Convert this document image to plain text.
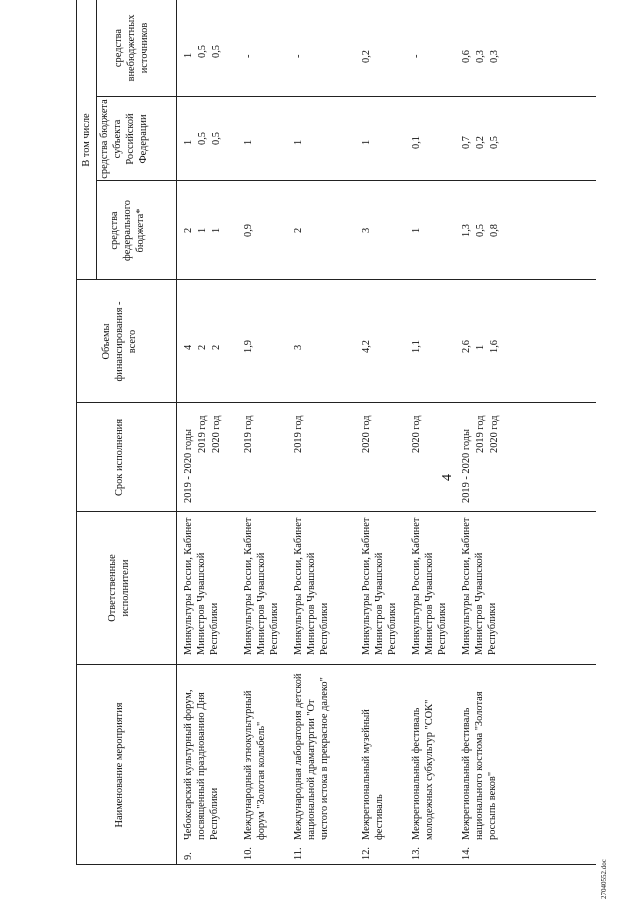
4
27040552.doc
Наименование мероприятия
Ответственные исполнители
Срок исполнения
Объемы финансирования - всего
В том числе
средства федерального бюджета*
средства бюджета субъекта Российской Федерации
средства внебюджетных источников
9.
Чебоксарский культурный форум, посвященный празднованию Дня Республики
Минкультуры России, Кабинет Министров Чувашской Республики
2019 - 2020 годы 2019 год 2020 год
4 2 2
2 1 1
1 0,5 0,5
1 0,5 0,5
10.
Международный этнокультурный форум "Золотая колыбель"
Минкультуры России, Кабинет Министров Чувашской Республики
2019 год
1,9
0,9
1
-
11.
Международная лаборатория детской национальной драматургии "От чистого истока в прекрасное далеко"
Минкультуры России, Кабинет Министров Чувашской Республики
2019 год
3
2
1
-
12.
Межрегиональный музейный фестиваль
Минкультуры России, Кабинет Министров Чувашской Республики
2020 год
4,2
3
1
0,2
13.
Межрегиональный фестиваль молодежных субкультур "СОК"
Минкультуры России, Кабинет Министров Чувашской Республики
2020 год
1,1
1
0,1
-
14.
Межрегиональный фестиваль национального костюма "Золотая россыпь веков"
Минкультуры России, Кабинет Министров Чувашской Республики
2019 - 2020 годы 2019 год 2020 год
2,6 1 1,6
1,3 0,5 0,8
0,7 0,2 0,5
0,6 0,3 0,3
